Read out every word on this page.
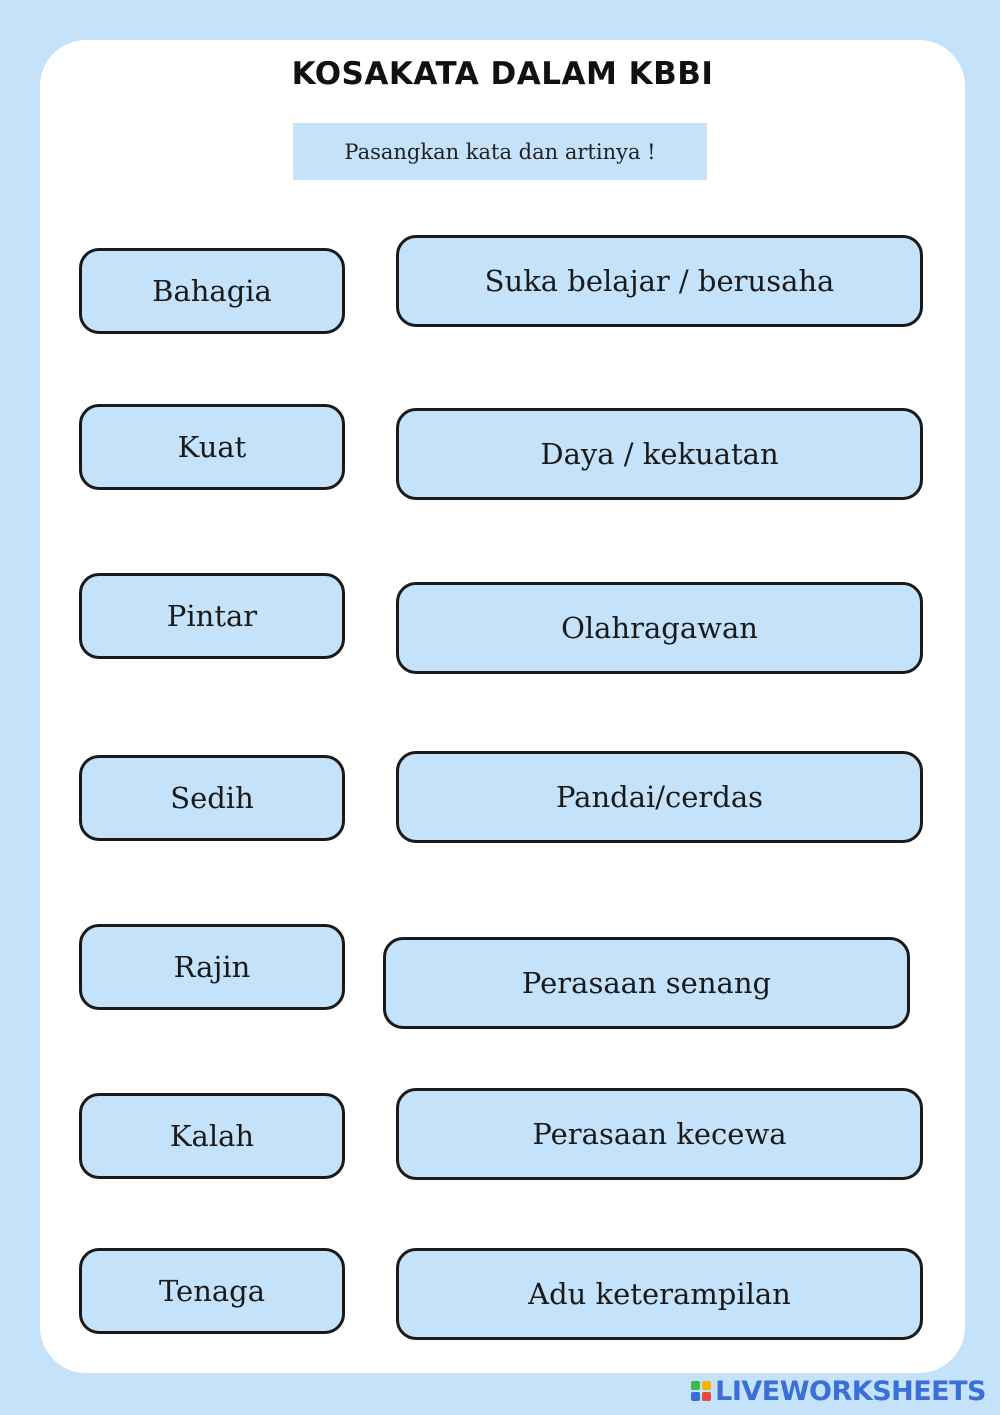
KOSAKATA DALAM KBBI
Pasangkan kata dan artinya !
Bahagia
Kuat
Pintar
Sedih
Rajin
Kalah
Tenaga
Suka belajar / berusaha
Daya / kekuatan
Olahragawan
Pandai/cerdas
Perasaan senang
Perasaan kecewa
Adu keterampilan
LIVEWORKSHEETS
